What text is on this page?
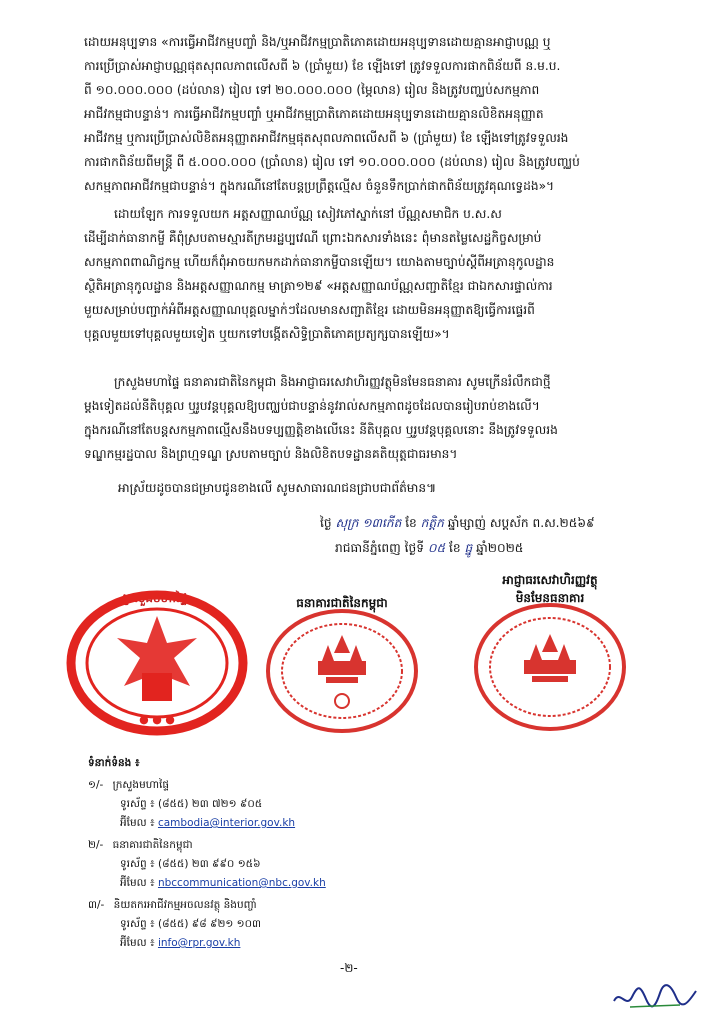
ដោយអនុប្បទាន «ការធ្វើអាជីវកម្មបញ្ចាំ និង/ឬអាជីវកម្មប្រាតិភោគដោយអនុប្បទានដោយគ្មានអាជ្ញាបណ្ណ ឬ
ការប្រើប្រាស់អាជ្ញាបណ្ណផុតសុពលភាពលើសពី ៦ (ប្រាំមួយ) ខែ ឡើងទៅ ត្រូវទទួលការផាកពិន័យពី ន.ម.ប.
ពី ១០.០០០.០០០ (ដប់លាន) រៀល ទៅ ២០.០០០.០០០ (ម្ភៃលាន) រៀល និងត្រូវបញ្ឈប់សកម្មភាព
អាជីវកម្មជាបន្ទាន់។ ការធ្វើអាជីវកម្មបញ្ចាំ ឬអាជីវកម្មប្រាតិភោគដោយអនុប្បទានដោយគ្មានលិខិតអនុញ្ញាត
អាជីវកម្ម ឬការប្រើប្រាស់លិខិតអនុញ្ញាតអាជីវកម្មផុតសុពលភាពលើសពី ៦ (ប្រាំមួយ) ខែ ឡើងទៅត្រូវទទួលរង
ការផាកពិន័យពីមន្ត្រី ពី ៥.០០០.០០០ (ប្រាំលាន) រៀល ទៅ ១០.០០០.០០០ (ដប់លាន) រៀល និងត្រូវបញ្ឈប់
សកម្មភាពអាជីវកម្មជាបន្ទាន់។ ក្នុងករណីនៅតែបន្តប្រព្រឹត្តល្មើស ចំនួនទឹកប្រាក់ផាកពិន័យត្រូវគុណទ្វេដង»។
ដោយឡែក ការទទួលយក អត្តសញ្ញាណប័ណ្ណ សៀវភៅស្នាក់នៅ ប័ណ្ណសមាជិក ប.ស.ស
ដើម្បីដាក់ធានាកម្ចី គឺពុំស្របតាមស្មារតីក្រមរដ្ឋប្បវេណី ព្រោះឯកសារទាំងនេះ ពុំមានតម្លៃសេដ្ឋកិច្ចសម្រាប់
សកម្មភាពពាណិជ្ជកម្ម ហើយក៏ពុំអាចយកមកដាក់ធានាកម្ចីបានឡើយ។ យោងតាមច្បាប់ស្តីពីអត្រានុកូលដ្ឋាន
ស្ថិតិអត្រានុកូលដ្ឋាន និងអត្តសញ្ញាណកម្ម មាត្រា១២៩ «អត្តសញ្ញាណប័ណ្ណសញ្ជាតិខ្មែរ ជាឯកសារផ្ទាល់ការ
មួយសម្រាប់បញ្ជាក់អំពីអត្តសញ្ញាណបុគ្គលម្នាក់ៗដែលមានសញ្ជាតិខ្មែរ ដោយមិនអនុញ្ញាតឱ្យធ្វើការផ្ទេរពី
បុគ្គលមួយទៅបុគ្គលមួយទៀត ឬយកទៅបង្កើតសិទ្ធិប្រាតិភោគប្រត្យក្សបានឡើយ»។
ក្រសួងមហាផ្ទៃ ធនាគារជាតិនៃកម្ពុជា និងអាជ្ញាធរសេវាហិរញ្ញវត្ថុមិនមែនធនាគារ សូមក្រើនរំលឹកជាថ្មី
ម្តងទៀតដល់នីតិបុគ្គល ឬរូបវន្តបុគ្គលឱ្យបញ្ឈប់ជាបន្ទាន់នូវរាល់សកម្មភាពដូចដែលបានរៀបរាប់ខាងលើ។
ក្នុងករណីនៅតែបន្តសកម្មភាពល្មើសនឹងបទប្បញ្ញត្តិខាងលើនេះ នីតិបុគ្គល ឬរូបវន្តបុគ្គលនោះ នឹងត្រូវទទួលរង
ទណ្ឌកម្មរដ្ឋបាល និងព្រហ្មទណ្ឌ ស្របតាមច្បាប់ និងលិខិតបទដ្ឋានគតិយុត្តជាធរមាន។
អាស្រ័យដូចបានជម្រាបជូនខាងលើ សូមសាធារណជនជ្រាបជាព័ត៌មាន៕
ថ្ងៃ សុក្រ ១៣កើត ខែ កត្តិក ឆ្នាំម្សាញ់ សប្តស័ក ព.ស.២៥៦៩
រាជធានីភ្នំពេញ ថ្ងៃទី ០៥ ខែ ធ្នូ ឆ្នាំ២០២៥
ក្រសួងមហាផ្ទៃ	ធនាគារជាតិនៃកម្ពុជា
អាជ្ញាធរសេវាហិរញ្ញវត្ថុ
មិនមែនធនាគារ
● ● ●
ទំនាក់ទំនង ៖
១/- ក្រសួងមហាផ្ទៃ
ទូរស័ព្ទ ៖ (៨៥៥) ២៣ ៧២១ ៩០៥
អ៊ីមែល ៖ cambodia@interior.gov.kh
២/- ធនាគារជាតិនៃកម្ពុជា
ទូរស័ព្ទ ៖ (៨៥៥) ២៣ ៩៩០ ១៥៦
អ៊ីមែល ៖ nbccommunication@nbc.gov.kh
៣/- និយតករអាជីវកម្មអចលនវត្ថុ និងបញ្ចាំ
ទូរស័ព្ទ ៖ (៨៥៥) ៩៨ ៩២១ ១០៣
អ៊ីមែល ៖ info@rpr.gov.kh
-២-
